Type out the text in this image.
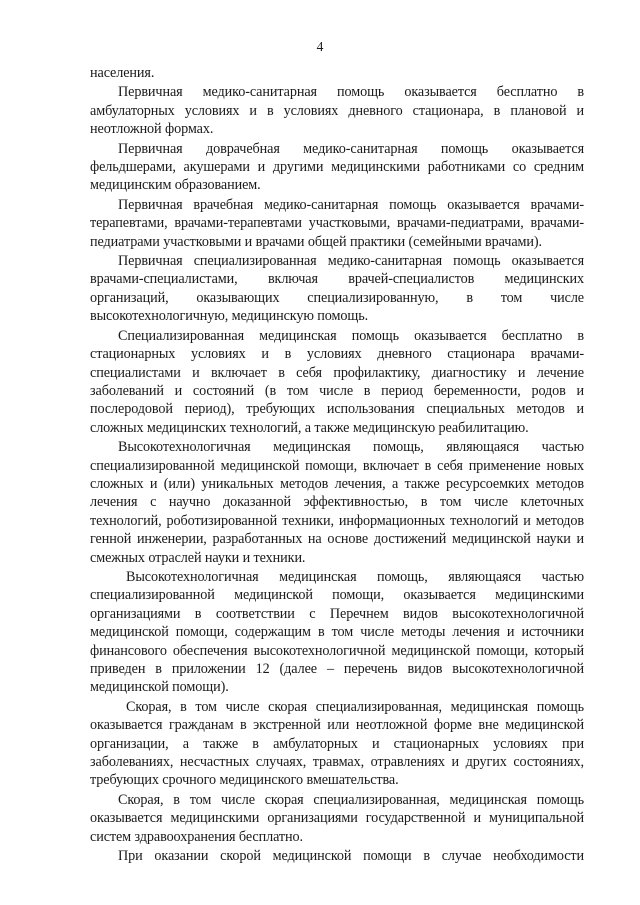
4

населения.

Первичная медико-санитарная помощь оказывается бесплатно в амбулаторных условиях и в условиях дневного стационара, в плановой и неотложной формах.

Первичная доврачебная медико-санитарная помощь оказывается фельдшерами, акушерами и другими медицинскими работниками со средним медицинским образованием.

Первичная врачебная медико-санитарная помощь оказывается врачами-терапевтами, врачами-терапевтами участковыми, врачами-педиатрами, врачами-педиатрами участковыми и врачами общей практики (семейными врачами).

Первичная специализированная медико-санитарная помощь оказывается врачами-специалистами, включая врачей-специалистов медицинских организаций, оказывающих специализированную, в том числе высокотехнологичную, медицинскую помощь.

Специализированная медицинская помощь оказывается бесплатно в стационарных условиях и в условиях дневного стационара врачами-специалистами и включает в себя профилактику, диагностику и лечение заболеваний и состояний (в том числе в период беременности, родов и послеродовой период), требующих использования специальных методов и сложных медицинских технологий, а также медицинскую реабилитацию.

Высокотехнологичная медицинская помощь, являющаяся частью специализированной медицинской помощи, включает в себя применение новых сложных и (или) уникальных методов лечения, а также ресурсоемких методов лечения с научно доказанной эффективностью, в том числе клеточных технологий, роботизированной техники, информационных технологий и методов генной инженерии, разработанных на основе достижений медицинской науки и смежных отраслей науки и техники.

Высокотехнологичная медицинская помощь, являющаяся частью специализированной медицинской помощи, оказывается медицинскими организациями в соответствии с Перечнем видов высокотехнологичной медицинской помощи, содержащим в том числе методы лечения и источники финансового обеспечения высокотехнологичной медицинской помощи, который приведен в приложении 12 (далее – перечень видов высокотехнологичной медицинской помощи).

Скорая, в том числе скорая специализированная, медицинская помощь оказывается гражданам в экстренной или неотложной форме вне медицинской организации, а также в амбулаторных и стационарных условиях при заболеваниях, несчастных случаях, травмах, отравлениях и других состояниях, требующих срочного медицинского вмешательства.

Скорая, в том числе скорая специализированная, медицинская помощь оказывается медицинскими организациями государственной и муниципальной систем здравоохранения бесплатно.

При оказании скорой медицинской помощи в случае необходимости
